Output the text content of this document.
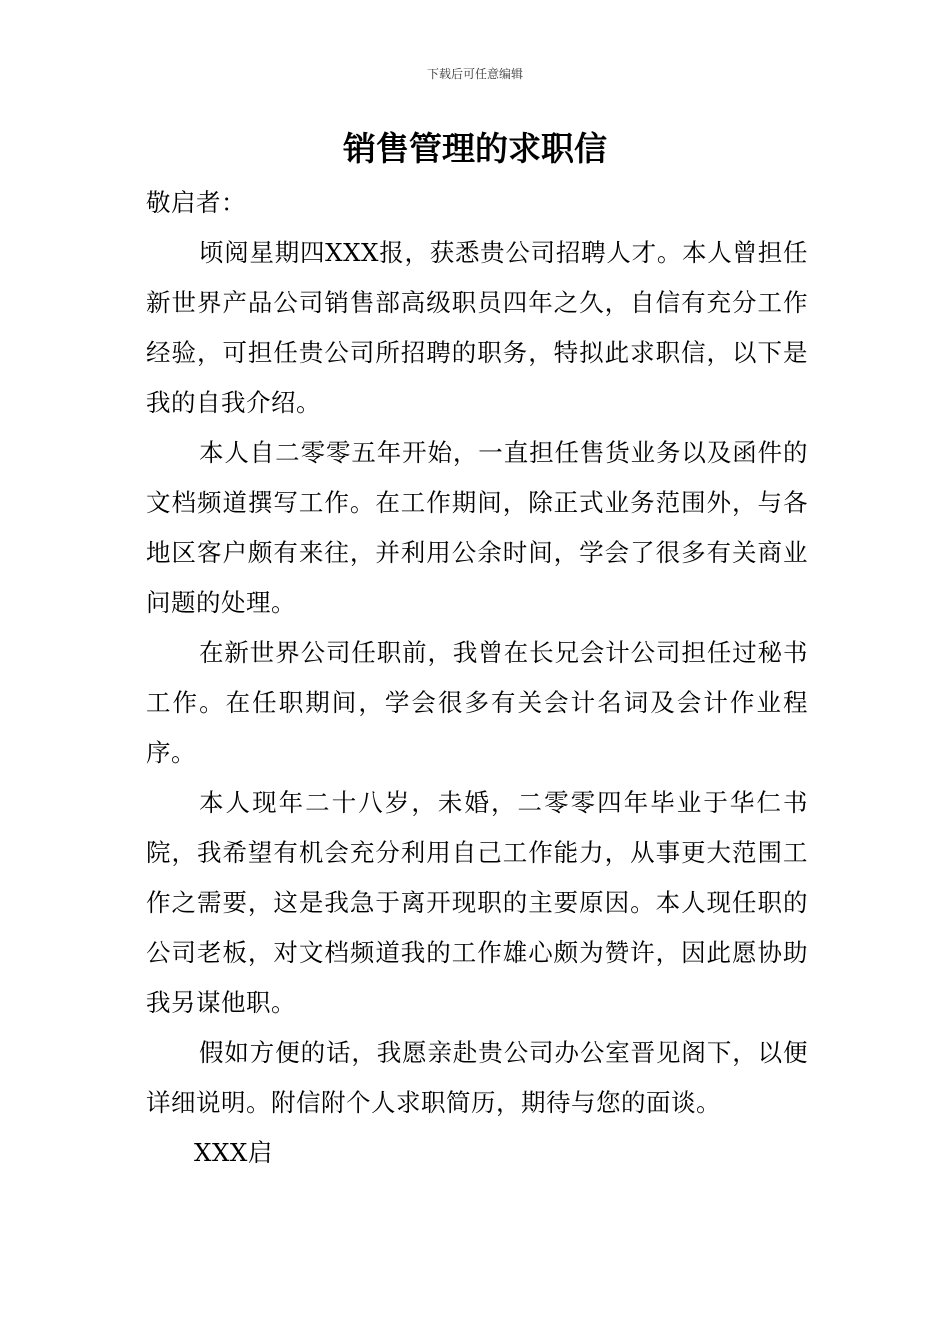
下载后可任意编辑
销售管理的求职信

敬启者：

顷阅星期四XXX报，获悉贵公司招聘人才。本人曾担任新世界产品公司销售部高级职员四年之久，自信有充分工作经验，可担任贵公司所招聘的职务，特拟此求职信，以下是我的自我介绍。

本人自二零零五年开始，一直担任售货业务以及函件的文档频道撰写工作。在工作期间，除正式业务范围外，与各地区客户颇有来往，并利用公余时间，学会了很多有关商业问题的处理。

在新世界公司任职前，我曾在长兄会计公司担任过秘书工作。在任职期间，学会很多有关会计名词及会计作业程序。

本人现年二十八岁，未婚，二零零四年毕业于华仁书院，我希望有机会充分利用自己工作能力，从事更大范围工作之需要，这是我急于离开现职的主要原因。本人现任职的公司老板，对文档频道我的工作雄心颇为赞许，因此愿协助我另谋他职。

假如方便的话，我愿亲赴贵公司办公室晋见阁下，以便详细说明。附信附个人求职简历，期待与您的面谈。

XXX启
